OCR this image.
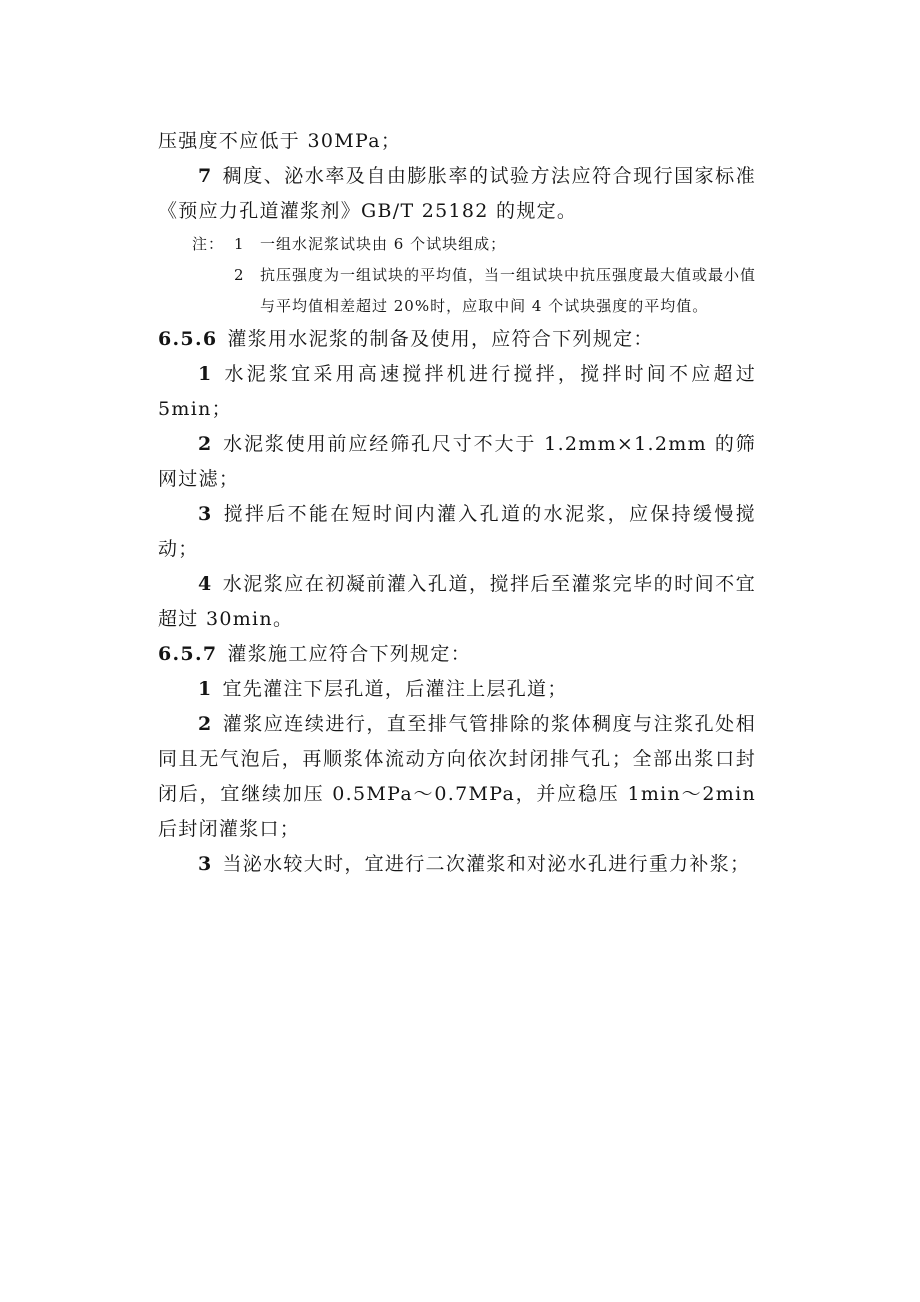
压强度不应低于 30MPa；

7 稠度、泌水率及自由膨胀率的试验方法应符合现行国家标准《预应力孔道灌浆剂》GB/T 25182 的规定。

注： 1	一组水泥浆试块由 6 个试块组成；
2	抗压强度为一组试块的平均值，当一组试块中抗压强度最大值或最小值与平均值相差超过 20%时，应取中间 4 个试块强度的平均值。

6.5.6 灌浆用水泥浆的制备及使用，应符合下列规定：

1 水泥浆宜采用高速搅拌机进行搅拌，搅拌时间不应超过 5min；

2 水泥浆使用前应经筛孔尺寸不大于 1.2mm×1.2mm 的筛网过滤；

3 搅拌后不能在短时间内灌入孔道的水泥浆，应保持缓慢搅动；

4 水泥浆应在初凝前灌入孔道，搅拌后至灌浆完毕的时间不宜超过 30min。

6.5.7 灌浆施工应符合下列规定：

1 宜先灌注下层孔道，后灌注上层孔道；

2 灌浆应连续进行，直至排气管排除的浆体稠度与注浆孔处相同且无气泡后，再顺浆体流动方向依次封闭排气孔；全部出浆口封闭后，宜继续加压 0.5MPa～0.7MPa，并应稳压 1min～2min 后封闭灌浆口；

3 当泌水较大时，宜进行二次灌浆和对泌水孔进行重力补浆；
